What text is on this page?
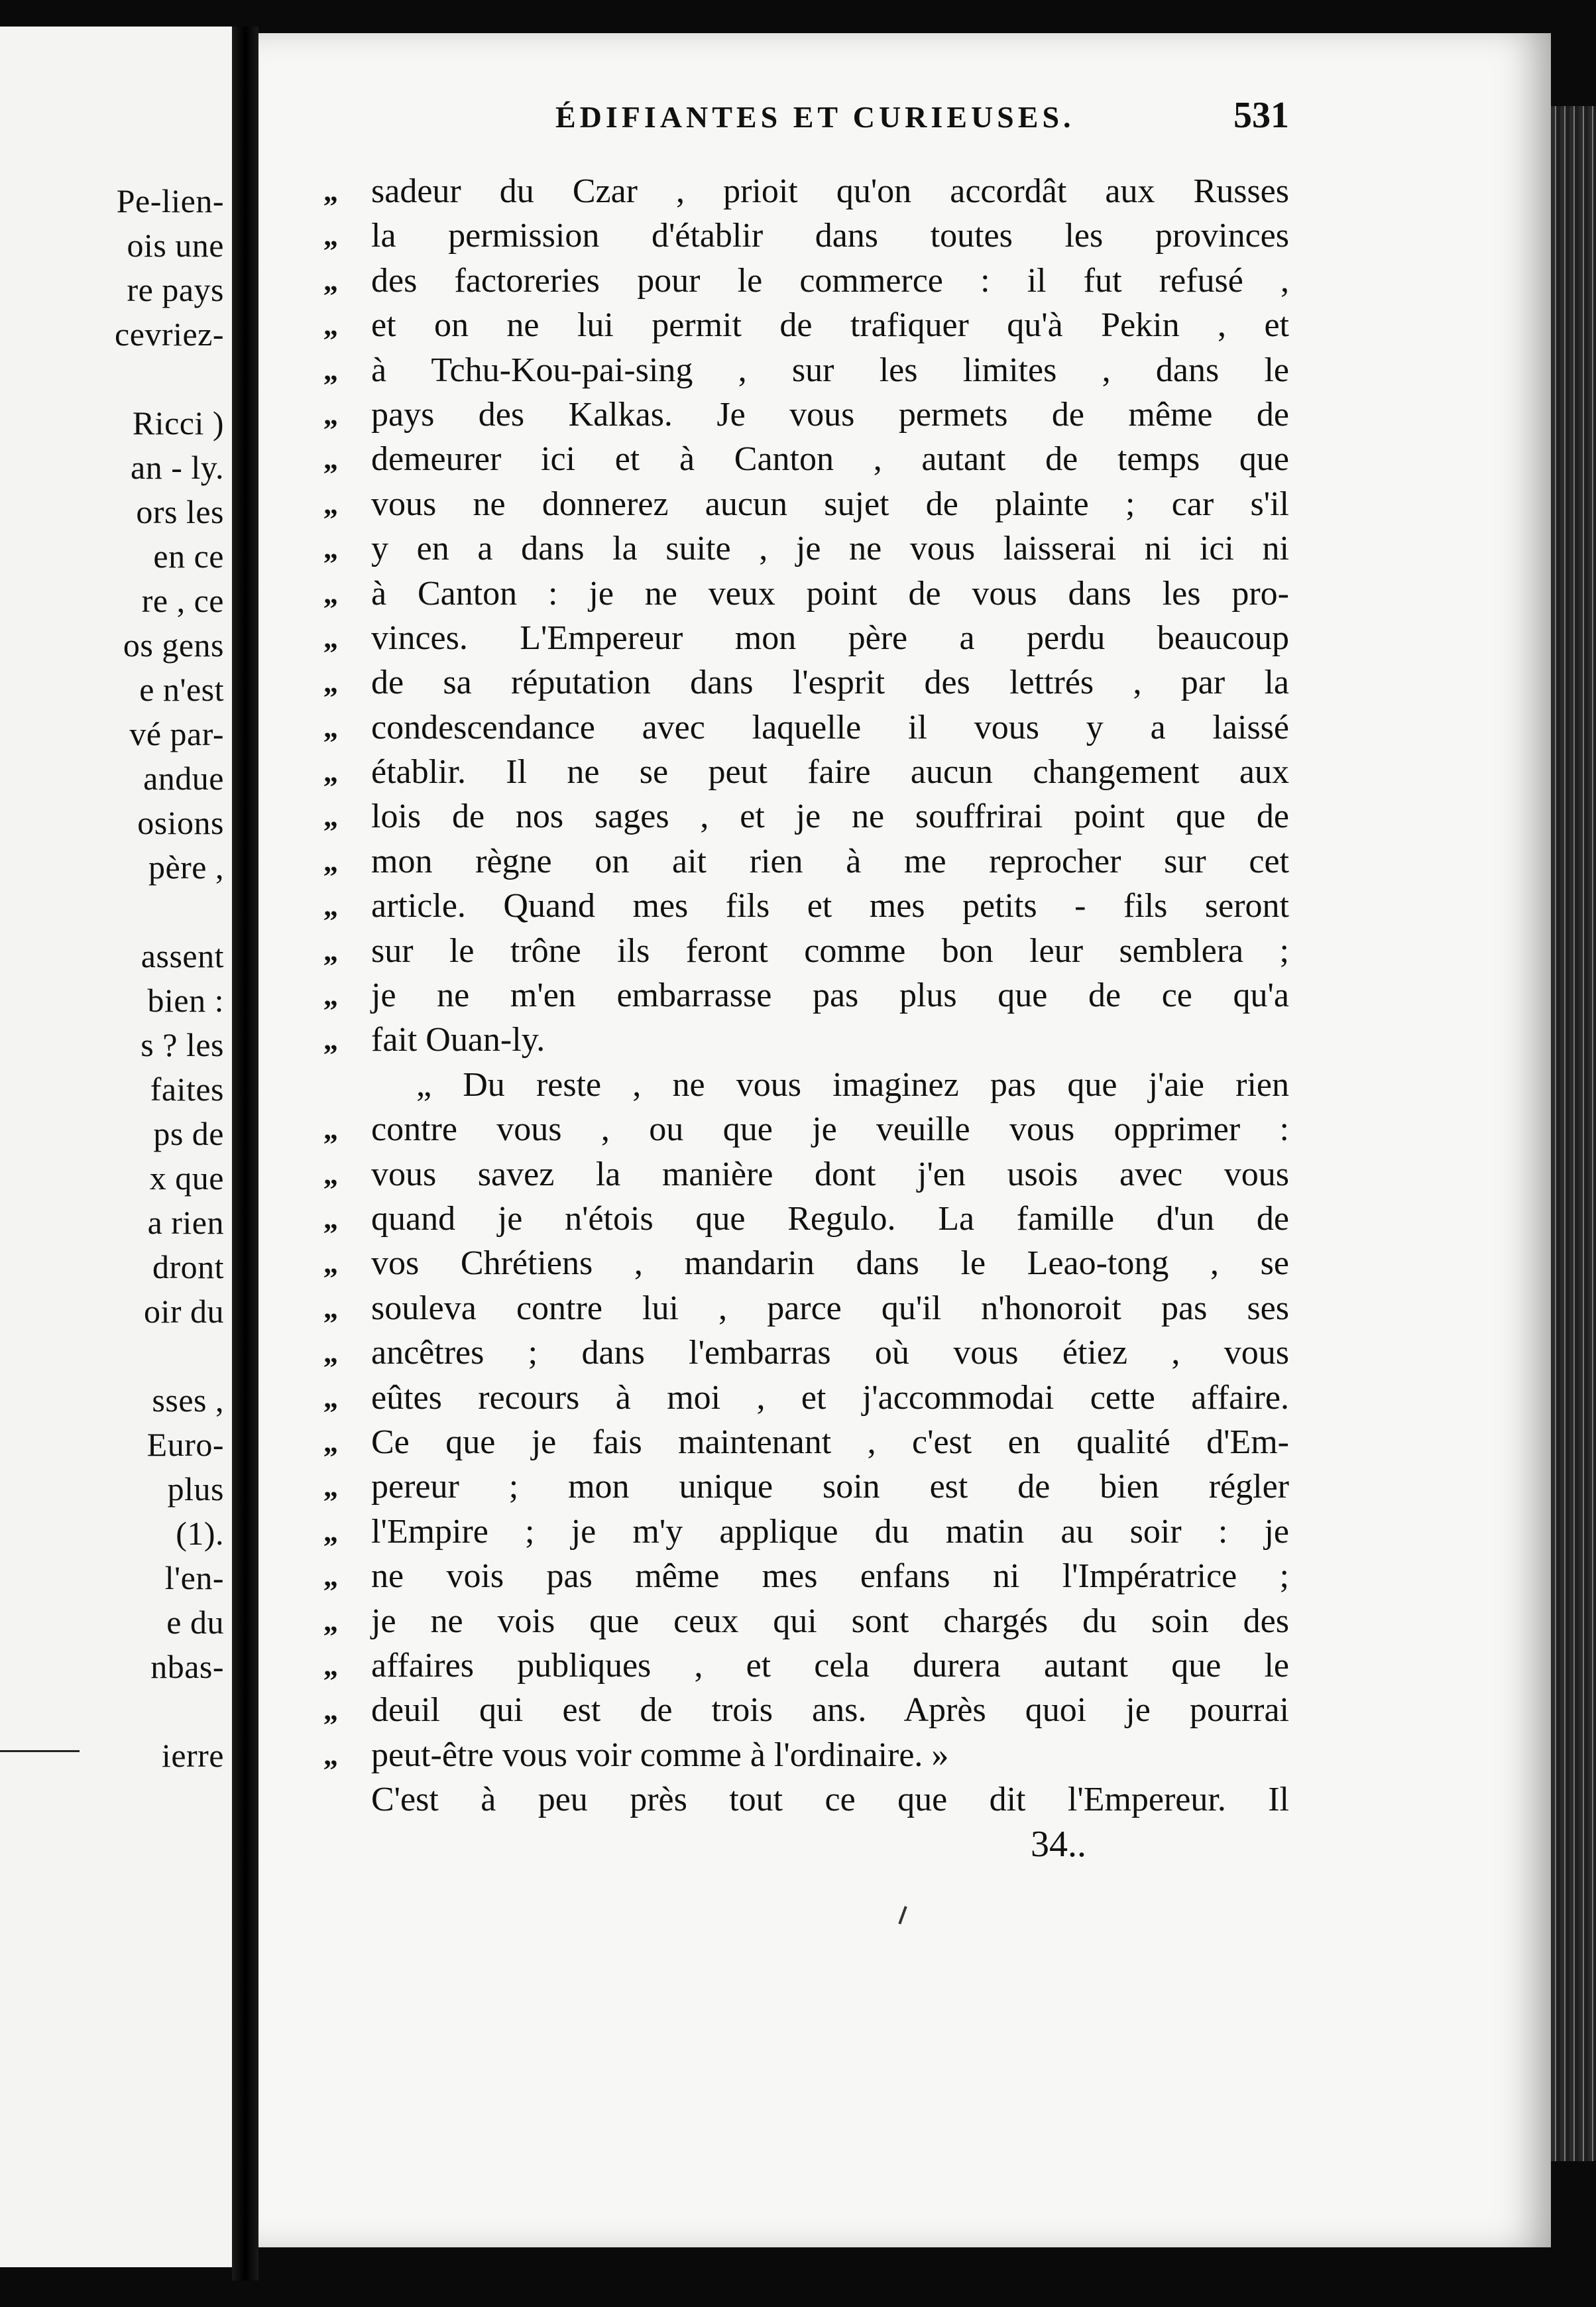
Pe-lien-
ois une
re pays
cevriez-

Ricci )
an - ly.
ors les
en ce
re , ce
os gens
e n'est
vé par-
andue
osions
père ,

assent
bien :
s ? les
faites
ps de
x que
a rien
dront
oir du

sses ,
Euro-
plus
(1).
l'en-
e du
nbas-

ierre
ÉDIFIANTES ET CURIEUSES.	531
„ sadeur du Czar , prioit qu'on accordât aux Russes
„ la permission d'établir dans toutes les provinces
„ des factoreries pour le commerce : il fut refusé ,
„ et on ne lui permit de trafiquer qu'à Pekin , et
„ à Tchu-Kou-pai-sing , sur les limites , dans le
„ pays des Kalkas. Je vous permets de même de
„ demeurer ici et à Canton , autant de temps que
„ vous ne donnerez aucun sujet de plainte ; car s'il
„ y en a dans la suite , je ne vous laisserai ni ici ni
„ à Canton : je ne veux point de vous dans les pro-
„ vinces. L'Empereur mon père a perdu beaucoup
„ de sa réputation dans l'esprit des lettrés , par la
„ condescendance avec laquelle il vous y a laissé
„ établir. Il ne se peut faire aucun changement aux
„ lois de nos sages , et je ne souffrirai point que de
„ mon règne on ait rien à me reprocher sur cet
„ article. Quand mes fils et mes petits - fils seront
„ sur le trône ils feront comme bon leur semblera ;
„ je ne m'en embarrasse pas plus que de ce qu'a
„ fait Ouan-ly.
„ Du reste , ne vous imaginez pas que j'aie rien
„ contre vous , ou que je veuille vous opprimer :
„ vous savez la manière dont j'en usois avec vous
„ quand je n'étois que Regulo. La famille d'un de
„ vos Chrétiens , mandarin dans le Leao-tong , se
„ souleva contre lui , parce qu'il n'honoroit pas ses
„ ancêtres ; dans l'embarras où vous étiez , vous
„ eûtes recours à moi , et j'accommodai cette affaire.
„ Ce que je fais maintenant , c'est en qualité d'Em-
„ pereur ; mon unique soin est de bien régler
„ l'Empire ; je m'y applique du matin au soir : je
„ ne vois pas même mes enfans ni l'Impératrice ;
„ je ne vois que ceux qui sont chargés du soin des
„ affaires publiques , et cela durera autant que le
„ deuil qui est de trois ans. Après quoi je pourrai
„ peut-être vous voir comme à l'ordinaire. »
C'est à peu près tout ce que dit l'Empereur. Il
34..
